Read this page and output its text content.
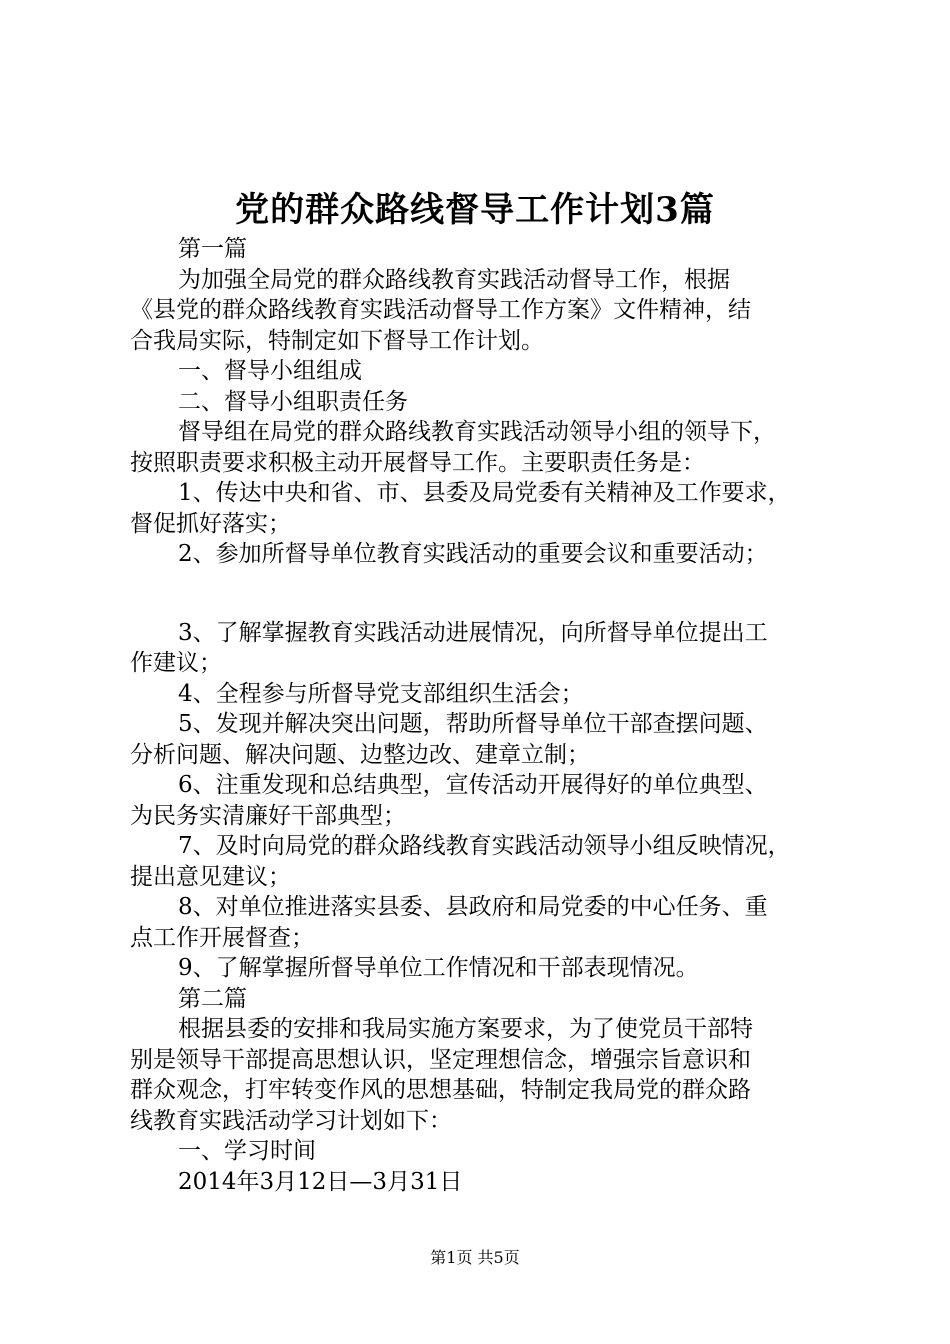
党的群众路线督导工作计划3篇
第一篇
为加强全局党的群众路线教育实践活动督导工作，根据
《县党的群众路线教育实践活动督导工作方案》文件精神，结
合我局实际，特制定如下督导工作计划。
一、督导小组组成
二、督导小组职责任务
督导组在局党的群众路线教育实践活动领导小组的领导下，
按照职责要求积极主动开展督导工作。主要职责任务是：
1、传达中央和省、市、县委及局党委有关精神及工作要求，
督促抓好落实；
2、参加所督导单位教育实践活动的重要会议和重要活动；
3、了解掌握教育实践活动进展情况，向所督导单位提出工
作建议；
4、全程参与所督导党支部组织生活会；
5、发现并解决突出问题，帮助所督导单位干部查摆问题、
分析问题、解决问题、边整边改、建章立制；
6、注重发现和总结典型，宣传活动开展得好的单位典型、
为民务实清廉好干部典型；
7、及时向局党的群众路线教育实践活动领导小组反映情况，
提出意见建议；
8、对单位推进落实县委、县政府和局党委的中心任务、重
点工作开展督查；
9、了解掌握所督导单位工作情况和干部表现情况。
第二篇
根据县委的安排和我局实施方案要求，为了使党员干部特
别是领导干部提高思想认识，坚定理想信念，增强宗旨意识和
群众观念，打牢转变作风的思想基础，特制定我局党的群众路
线教育实践活动学习计划如下：
一、学习时间
2014年3月12日—3月31日
第1页 共5页
